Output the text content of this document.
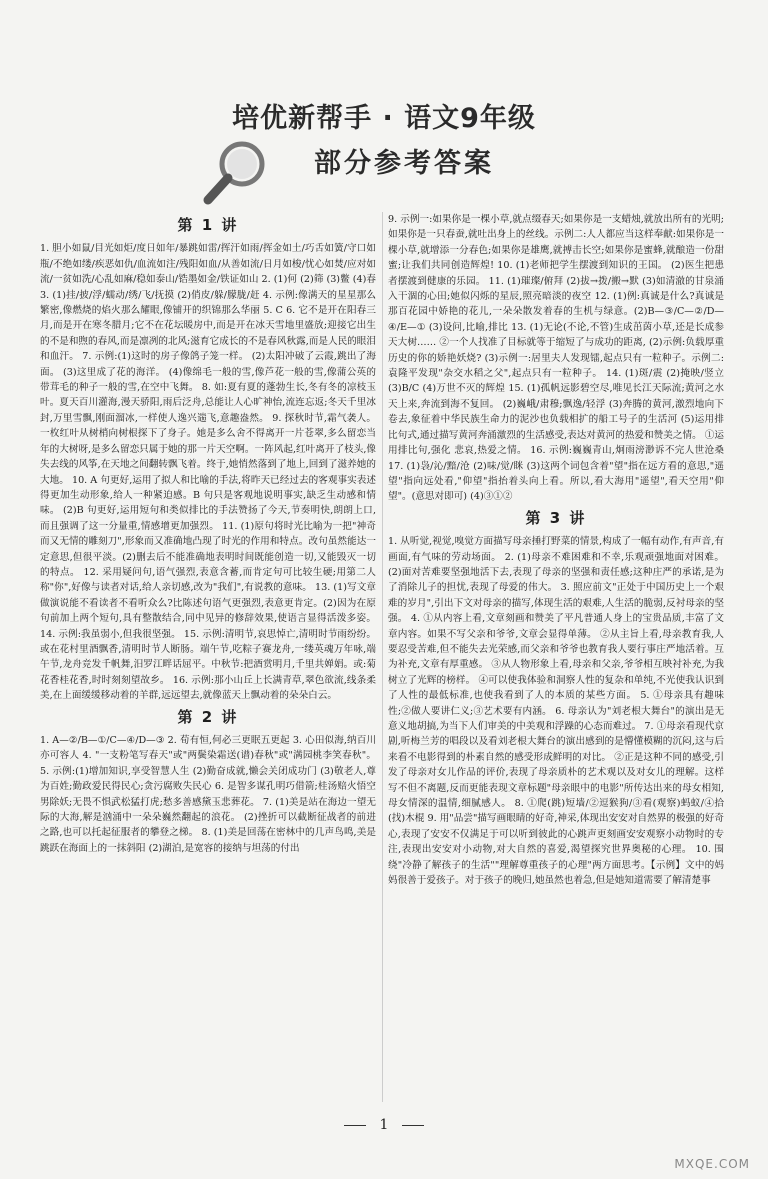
培优新帮手 · 语文9年级
部分参考答案
第 1 讲

1. 胆小如鼠/目光如炬/度日如年/暴跳如雷/挥汗如雨/挥金如土/巧舌如簧/守口如瓶/不绝如缕/疾恶如仇/血流如注/残阳如血/从善如流/日月如梭/忧心如焚/应对如流/一贫如洗/心乱如麻/稳如泰山/锆墨如金/铁证如山 2. (1)何 (2)筛 (3)鳖 (4)春 3. (1)挂/披/浮/蠕动/绣/飞/抚摸 (2)俏皮/躲/朦胧/赶 4. 示例:像满天的星星那么繁密,像燃烧的焰火那么耀眼,像铺开的织锦那么华丽 5. C 6. 它不是开在阳春三月,而是开在寒冬腊月;它不在花坛暖房中,而是开在冰天雪地里盛放;迎接它出生的不是和煦的春风,而是凛冽的北风;滋育它成长的不是春风秋露,而是人民的眼泪和血汗。 7. 示例:(1)这时的房子像鸽子笼一样。 (2)太阳冲破了云霞,跳出了海面。 (3)这里成了花的海洋。 (4)像绵毛一般的雪,像芦花一般的雪,像蒲公英的带茸毛的种子一般的雪,在空中飞舞。 8. 如:夏有夏的蓬勃生长,冬有冬的凉枝玉叶。夏天百川灌海,漫天骄阳,雨后泛舟,总能让人心旷神怡,流连忘返;冬天千里冰封,万里雪飘,刚面溜冰,一样使人逸兴遄飞,意趣盎然。 9. 探秋时节,霜气袭人。一枚红叶从树梢向树根探下了身子。她是多么舍不得离开一片苍翠,多么留恋当年的大树呀,是多么留恋只属于她的那一片天空啊。一阵风起,红叶离开了枝头,像失去线的风筝,在天地之间翻转飘飞着。终于,她悄然落到了地上,回到了滋养她的大地。 10. A 句更好,运用了拟人和比喻的手法,将昨天已经过去的客观事实表述得更加生动形象,给人一种紧迫感。B 句只是客观地说明事实,缺乏生动感和情味。 (2)B 句更好,运用短句和类似排比的手法赞扬了今天,节奏明快,朗朗上口,而且强调了这一分量重,情感增更加强烈。 11. (1)原句将时光比喻为一把"神奇而又无情的雕刻刀",形象而又准确地凸现了时光的作用和特点。改句虽然能达一定意思,但很平淡。(2)删去后不能准确地表明时间既能创造一切,又能毁灭一切的特点。 12. 采用疑问句,语气强烈,表意含蓄,而肯定句可比较生硬;用第二人称"你",好像与读者对话,给人亲切感,改为"我们",有说教的意味。 13. (1)写文章做演说能不看读者不看听众么?比陈述句语气更强烈,表意更肯定。(2)因为在原句前加上两个短句,具有整散结合,同中见异的修辞效果,使语言显得活泼多姿。 14. 示例:我虽弱小,但我很坚强。 15. 示例:清明节,哀思悼亡,清明时节雨纷纷。或在花村里酒飘香,清明时节人断肠。端午节,吃粽子赛龙舟,一缕英魂万年咏,端午节,龙舟竞发千帆舞,汨罗江畔话屈平。中秋节:把酒赏明月,千里共婵娟。或:菊花香桂花香,时时刻刻望故乡。 16. 示例:那小山丘上长满青草,翠色欲流,线条柔美,在上面缓缓移动着的羊群,远远望去,就像蓝天上飘动着的朵朵白云。

第 2 讲

1. A—②/B—①/C—④/D—③ 2. 荀有恒,何必三更眠五更起 3. 心田似海,纳百川亦可容人 4. "一支粉笔写春天"或"两鬓染霜送(谱)春秋"或"满园桃李笑春秋"。 5. 示例:(1)增加知识,享受智慧人生 (2)勤奋成就,懒会关闭成功门 (3)敬老人,尊为百姓;勤政爱民得民心;贪污腐败失民心 6. 是智多谋孔明巧借箭;桂汤赔火悟空男除妖;无畏不惧武松猛打虎;愁多善感黛玉悲葬花。 7. (1)美是站在海边一望无际的大海,解是汹涌中一朵朵巍然翻起的浪花。 (2)挫折可以截断征战者的前进之路,也可以托起征服者的攀登之梯。 8. (1)美是回荡在密林中的几声鸟鸣,美是跳跃在海面上的一抹斜阳 (2)湖泊,是宽容的接纳与坦荡的付出

9. 示例一:如果你是一棵小草,就点缀春天;如果你是一支蜡烛,就放出所有的光明;如果你是一只春蚕,就吐出身上的丝线。示例二:人人都应当这样奉献:如果你是一棵小草,就增添一分春色;如果你是雄鹰,就搏击长空;如果你是蜜蜂,就酿造一份甜蜜;让我们共同创造辉煌! 10. (1)老师把学生摆渡到知识的王国。 (2)医生把患者摆渡到健康的乐园。 11. (1)璀璨/俯拜 (2)拔→拨/搬→默 (3)如清澈的甘泉涌入干涸的心田;她似闪烁的星辰,照亮暗淡的夜空 12. (1)例:真诚是什么?真诚是那百花园中娇艳的花儿,一朵朵散发着春的生机与绿意。(2)B—③/C—②/D—④/E—① (3)设问,比喻,排比 13. (1)无论(不论,不管)生成茁茵小草,还是长成参天大树…… ②一个人找准了目标就等于缩短了与成功的距离, (2)示例:负载厚重历史的你的娇艳妖烧? (3)示例一:居里夫人发现镭,起点只有一粒种子。示例二:袁隆平发现"杂交水稻之父",起点只有一粒种子。 14. (1)斑/震 (2)掩映/竖立 (3)B/C (4)万世不灭的辉煌 15. (1)孤帆远影碧空尽,唯见长江天际流;黄河之水天上来,奔流到海不复回。 (2)巍峨/肃穆;飘逸/轻浮 (3)奔腾的黄河,激烈地向下卷去,象征着中华民族生命力的泥沙也负载相扩的船工号子的生活河 (5)运用排比句式,通过描写黄河奔涌激烈的生活感受,表达对黄河的热爱和赞美之情。 ①运用排比句,强化 悲哀,热爱之情。 16. 示例:巍巍青山,炯雨滂渺诉不完人世沧桑 17. (1)袅/沁/黯/沧 (2)味/觉/眯 (3)这两个词包含着"望"指在远方看的意思,"遥望"指向远处看,"仰望"指抬着头向上看。所以,看大海用"遥望",看天空用"仰望"。(意思对即可) (4)③①②

第 3 讲

1. 从听觉,视觉,嗅觉方面描写母亲捶打野菜的情景,构成了一幅有动作,有声音,有画面,有气味的劳动场面。 2. (1)母亲不难困难和不幸,乐观顽强地面对困难。 (2)面对苦难要坚强地活下去,表现了母亲的坚强和责任感;这种庄严的承诺,是为了消除儿子的担忧,表现了母爱的伟大。 3. 照应前文"正处于中国历史上一个艰难的岁月",引出下文对母亲的描写,体现生活的艰难,人生活的脆弱,反衬母亲的坚强。 4. ①从内容上看,文章刻画和赞美了平凡普通人身上的宝贵品质,丰富了文章内容。如果不写父亲和爷爷,文章会显得单薄。 ②从主旨上看,母亲教育我,人要忍受苦难,但不能失去光荣感,而父亲和爷爷也教育我人要行事庄严地活着。互为补充,文章有厚重感。 ③从人物形象上看,母亲和父亲,爷爷相互映衬补充,为我树立了光辉的榜样。 ④可以使我体验和洞察人性的复杂和单纯,不光使我认识到了人性的最低标准,也使我看到了人的本质的某些方面。 5. ①母亲具有趣味性;②做人要讲仁义;③艺术要有内涵。 6. 母亲认为"刘老根大舞台"的演出是无意义地胡搞,为当下人们审美的中美观和浮躁的心态而难过。 7. ①母亲看现代京剧,听梅兰芳的唱段以及看刘老根大舞台的演出感到的是懵懂模糊的沉闷,这与后来看不电影得到的朴素自然的感受形成鲜明的对比。 ②正是这种不同的感受,引发了母亲对女儿作品的评价,表现了母亲质朴的艺术观以及对女儿的理解。这样写不但不离题,反而更能表现文章标题"母亲眼中的电影"所传达出来的母女相知,母女情深的温情,细腻感人。 8. ①爬(跳)短墙/②逗猴狗/③看(观察)蚂蚁/④拾(找)木棍 9. 用"品尝"描写画眼睛的好奇,神采,体现出安安对自然界的极强的好奇心,表现了安安不仅满足于可以听到彼此的心跳声更刻画安安观察小动物时的专注,表现出安安对小动物,对大自然的喜爱,渴望探究世界奥秘的心理。 10. 围绕"冷静了解孩子的生活""理解尊重孩子的心理"两方面思考。【示例】文中的妈妈很善于爱孩子。对于孩子的晚归,她虽然也着急,但是她知道需要了解清楚事

1
MXQE.COM
